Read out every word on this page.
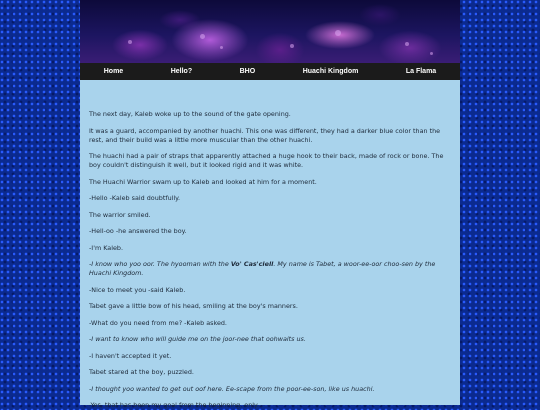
Home	Hello?	BHO	Huachi Kingdom	La Flama

The next day, Kaleb woke up to the sound of the gate opening.

It was a guard, accompanied by another huachi. This one was different, they had a darker blue color than the rest, and their build was a little more muscular than the other huachi.

The huachi had a pair of straps that apparently attached a huge hook to their back, made of rock or bone. The boy couldn't distinguish it well, but it looked rigid and it was white.

The Huachi Warrior swam up to Kaleb and looked at him for a moment.

-Hello -Kaleb said doubtfully.

The warrior smiled.

-Hell-oo -he answered the boy.

-I'm Kaleb.

-I know who yoo oor. The hyooman with the Vo' Cas'ciell. My name is Tabet, a woor-ee-oor choo-sen by the Huachi Kingdom.

-Nice to meet you -said Kaleb.

Tabet gave a little bow of his head, smiling at the boy's manners.

-What do you need from me? -Kaleb asked.

-I want to know who will guide me on the joor-nee that oohwaits us.

-I haven't accepted it yet.

Tabet stared at the boy, puzzled.

-I thought yoo wanted to get out oof here. Ee-scape from the poor-ee-son, like us huachi.

-Yes, that has been my goal from the beginning, only...
